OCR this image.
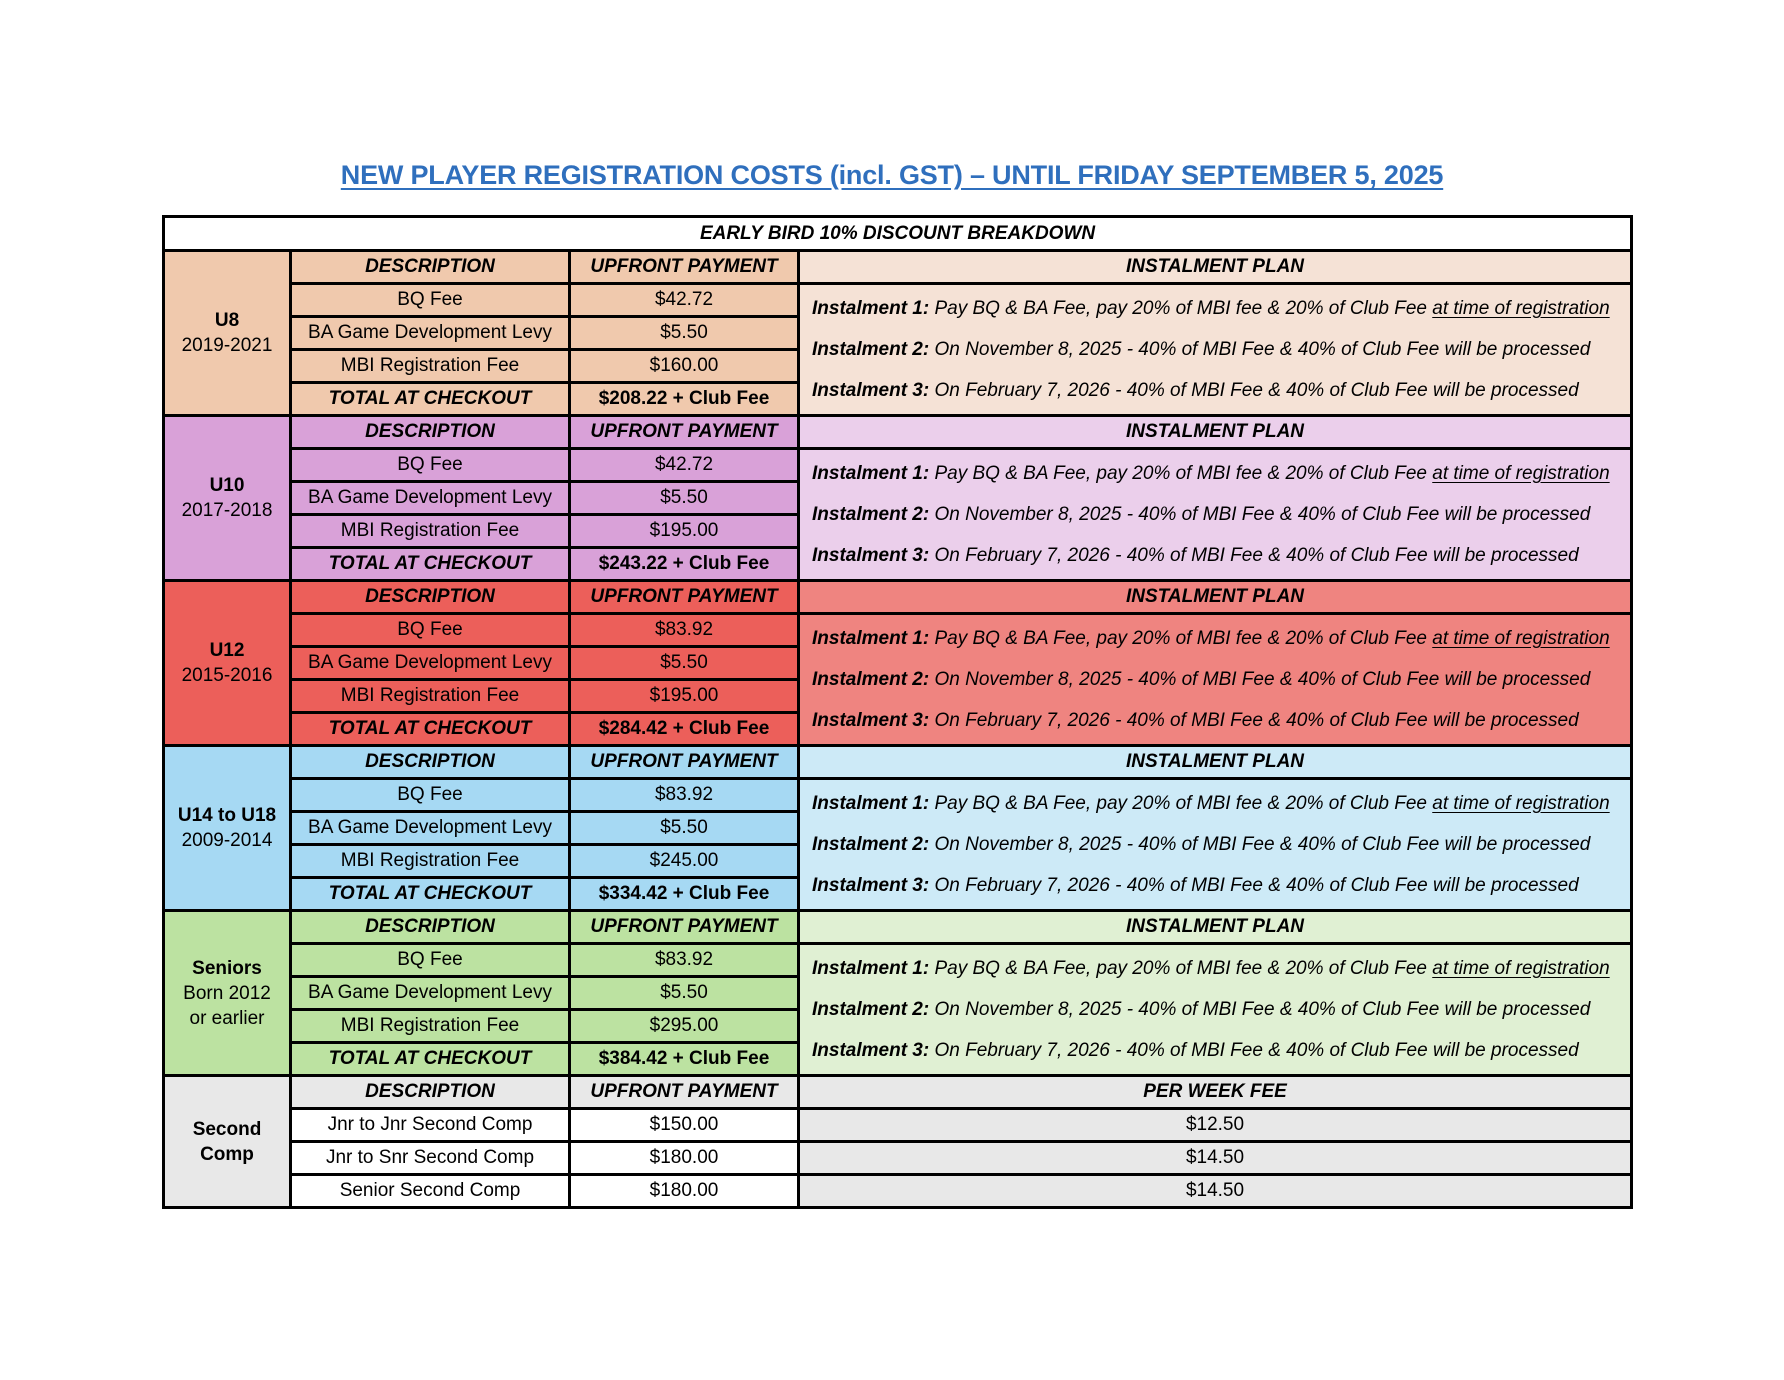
NEW PLAYER REGISTRATION COSTS (incl. GST) – UNTIL FRIDAY SEPTEMBER 5, 2025
EARLY BIRD 10% DISCOUNT BREAKDOWN			

U8
2019-2021	DESCRIPTION	UPFRONT PAYMENT	INSTALMENT PLAN
	BQ Fee	$42.72	Instalment 1: Pay BQ & BA Fee, pay 20% of MBI fee & 20% of Club Fee at time of registration
Instalment 2: On November 8, 2025 - 40% of MBI Fee & 40% of Club Fee will be processed
Instalment 3: On February 7, 2026 - 40% of MBI Fee & 40% of Club Fee will be processed

	BA Game Development Levy	$5.50	
	MBI Registration Fee	$160.00	
	TOTAL AT CHECKOUT	$208.22 + Club Fee	

U10
2017-2018	DESCRIPTION	UPFRONT PAYMENT	INSTALMENT PLAN
	BQ Fee	$42.72	Instalment 1: Pay BQ & BA Fee, pay 20% of MBI fee & 20% of Club Fee at time of registration
Instalment 2: On November 8, 2025 - 40% of MBI Fee & 40% of Club Fee will be processed
Instalment 3: On February 7, 2026 - 40% of MBI Fee & 40% of Club Fee will be processed

	BA Game Development Levy	$5.50	
	MBI Registration Fee	$195.00	
	TOTAL AT CHECKOUT	$243.22 + Club Fee	

U12
2015-2016	DESCRIPTION	UPFRONT PAYMENT	INSTALMENT PLAN
	BQ Fee	$83.92	Instalment 1: Pay BQ & BA Fee, pay 20% of MBI fee & 20% of Club Fee at time of registration
Instalment 2: On November 8, 2025 - 40% of MBI Fee & 40% of Club Fee will be processed
Instalment 3: On February 7, 2026 - 40% of MBI Fee & 40% of Club Fee will be processed

	BA Game Development Levy	$5.50	
	MBI Registration Fee	$195.00	
	TOTAL AT CHECKOUT	$284.42 + Club Fee	

U14 to U18
2009-2014	DESCRIPTION	UPFRONT PAYMENT	INSTALMENT PLAN
	BQ Fee	$83.92	Instalment 1: Pay BQ & BA Fee, pay 20% of MBI fee & 20% of Club Fee at time of registration
Instalment 2: On November 8, 2025 - 40% of MBI Fee & 40% of Club Fee will be processed
Instalment 3: On February 7, 2026 - 40% of MBI Fee & 40% of Club Fee will be processed

	BA Game Development Levy	$5.50	
	MBI Registration Fee	$245.00	
	TOTAL AT CHECKOUT	$334.42 + Club Fee	

Seniors
Born 2012
or earlier	DESCRIPTION	UPFRONT PAYMENT	INSTALMENT PLAN
	BQ Fee	$83.92	Instalment 1: Pay BQ & BA Fee, pay 20% of MBI fee & 20% of Club Fee at time of registration
Instalment 2: On November 8, 2025 - 40% of MBI Fee & 40% of Club Fee will be processed
Instalment 3: On February 7, 2026 - 40% of MBI Fee & 40% of Club Fee will be processed

	BA Game Development Levy	$5.50	
	MBI Registration Fee	$295.00	
	TOTAL AT CHECKOUT	$384.42 + Club Fee	

Second
Comp	DESCRIPTION	UPFRONT PAYMENT	PER WEEK FEE
	Jnr to Jnr Second Comp	$150.00	$12.50
	Jnr to Snr Second Comp	$180.00	$14.50
	Senior Second Comp	$180.00	$14.50
